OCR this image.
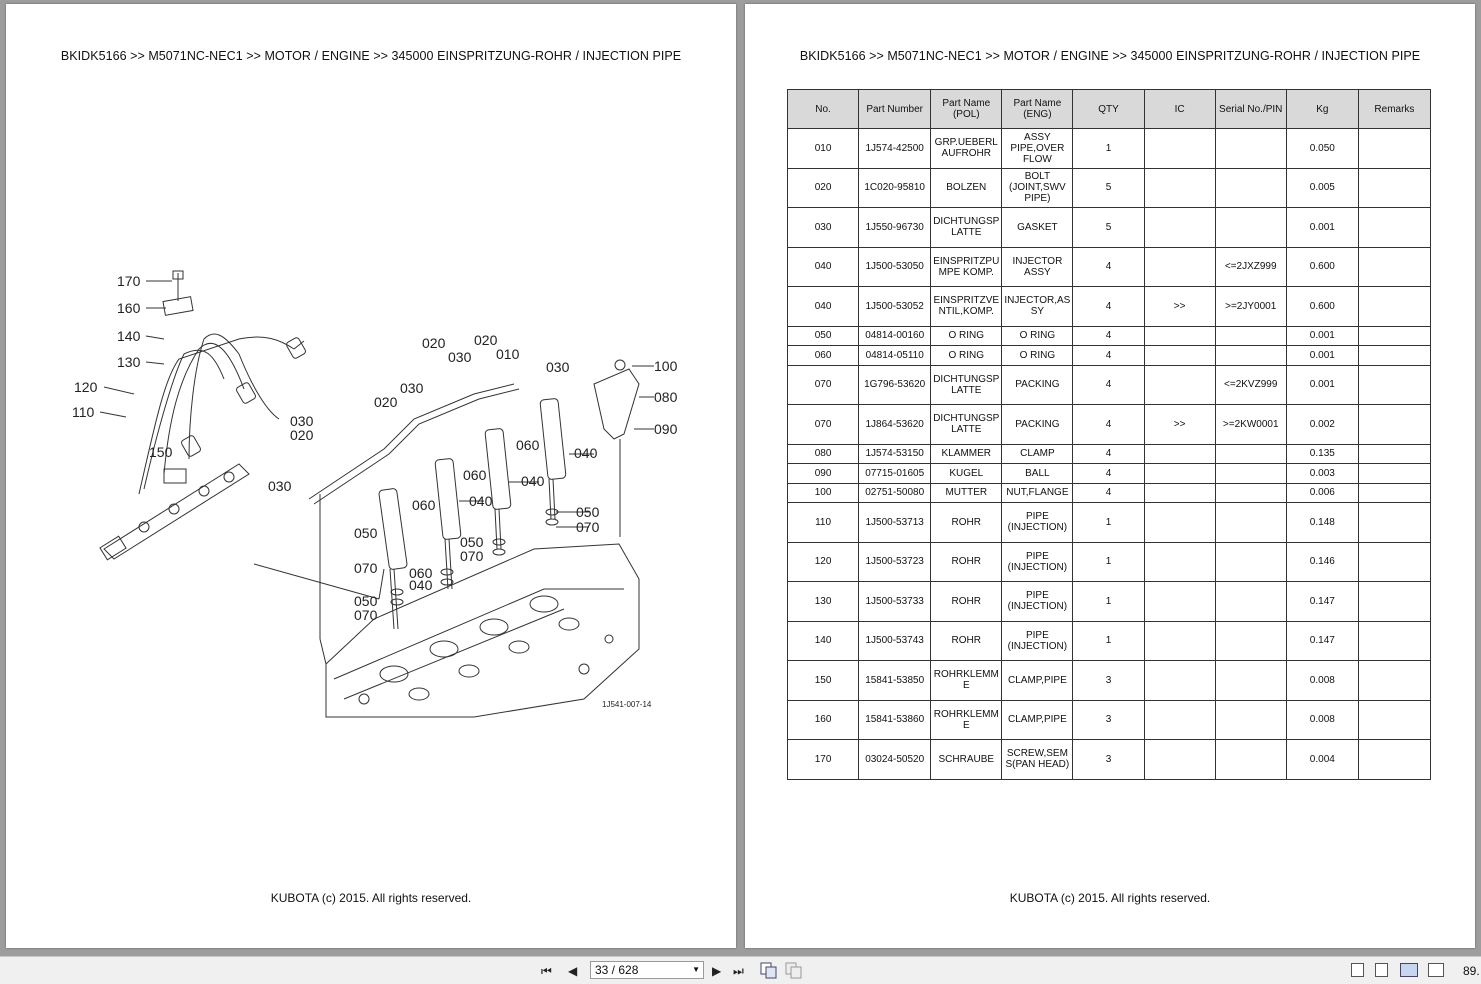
BKIDK5166 >> M5071NC-NEC1 >> MOTOR / ENGINE >> 345000 EINSPRITZUNG-ROHR / INJECTION PIPE
170
160
140
130
120
110
150
020
030
020
030 010
030	100
080
090
030
020
020
030
060 040
060 040
050
070
060 040
050
070
050
070 060
040
050
070
1J541-007-14
KUBOTA (c) 2015. All rights reserved.
BKIDK5166 >> M5071NC-NEC1 >> MOTOR / ENGINE >> 345000 EINSPRITZUNG-ROHR / INJECTION PIPE
No.	Part Number	Part Name (POL)	Part Name (ENG)	QTY	IC	Serial No./PIN	Kg	Remarks
010	1J574-42500	GRP.UEBERL AUFROHR	ASSY PIPE,OVER FLOW	1			0.050	
020	1C020-95810	BOLZEN	BOLT (JOINT,SWV PIPE)	5			0.005	
030	1J550-96730	DICHTUNGSP LATTE	GASKET	5			0.001	
040	1J500-53050	EINSPRITZPU MPE KOMP.	INJECTOR ASSY	4		<=2JXZ999	0.600	
040	1J500-53052	EINSPRITZVE NTIL,KOMP.	INJECTOR,AS SY	4	>>	>=2JY0001	0.600	
050	04814-00160	O RING	O RING	4			0.001	
060	04814-05110	O RING	O RING	4			0.001	
070	1G796-53620	DICHTUNGSP LATTE	PACKING	4		<=2KVZ999	0.001	
070	1J864-53620	DICHTUNGSP LATTE	PACKING	4	>>	>=2KW0001	0.002	
080	1J574-53150	KLAMMER	CLAMP	4			0.135	
090	07715-01605	KUGEL	BALL	4			0.003	
100	02751-50080	MUTTER	NUT,FLANGE	4			0.006	
110	1J500-53713	ROHR	PIPE (INJECTION)	1			0.148	
120	1J500-53723	ROHR	PIPE (INJECTION)	1			0.146	
130	1J500-53733	ROHR	PIPE (INJECTION)	1			0.147	
140	1J500-53743	ROHR	PIPE (INJECTION)	1			0.147	
150	15841-53850	ROHRKLEMM E	CLAMP,PIPE	3			0.008	
160	15841-53860	ROHRKLEMM E	CLAMP,PIPE	3			0.008	
170	03024-50520	SCHRAUBE	SCREW,SEM S(PAN HEAD)	3			0.004	
KUBOTA (c) 2015. All rights reserved.
⏮ ◀	33 / 628	▼ ▶ ⏭	89.
